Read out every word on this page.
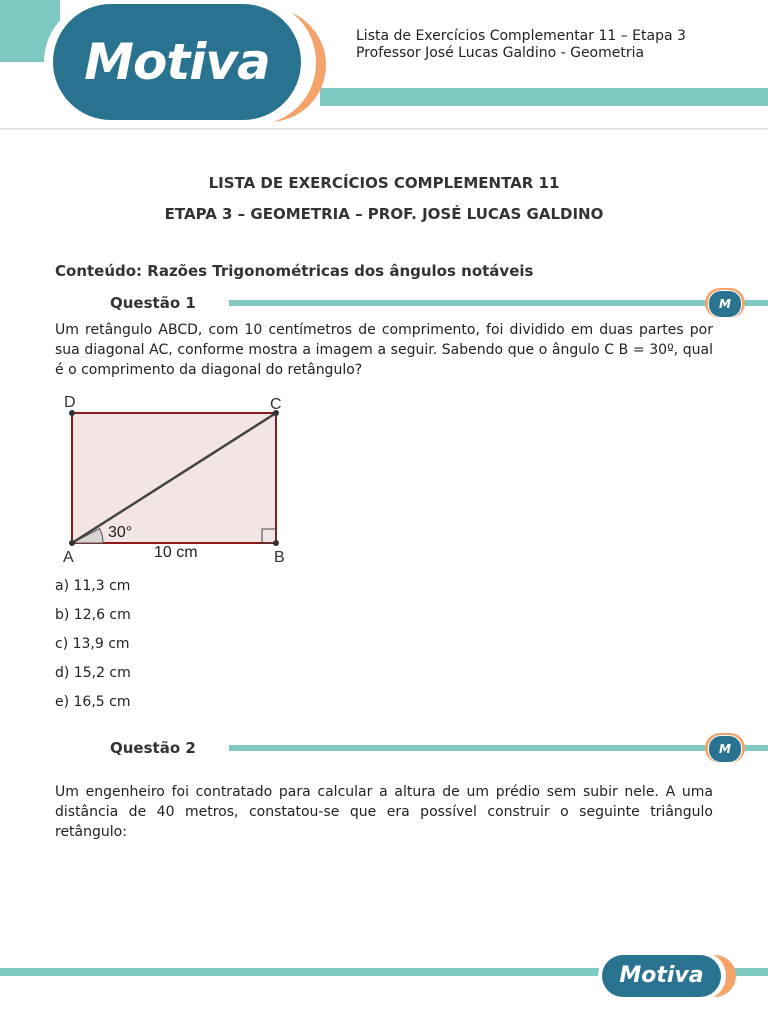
Motiva	Lista de Exercícios Complementar 11 – Etapa 3
Professor José Lucas Galdino - Geometria
LISTA DE EXERCÍCIOS COMPLEMENTAR 11
ETAPA 3 – GEOMETRIA – PROF. JOSÉ LUCAS GALDINO
Conteúdo: Razões Trigonométricas dos ângulos notáveis
Questão 1	M
Um retângulo ABCD, com 10 centímetros de comprimento, foi dividido em duas partes por sua diagonal AC, conforme mostra a imagem a seguir. Sabendo que o ângulo C B = 30º, qual é o comprimento da diagonal do retângulo?
D	C
A	B
30°
10 cm
a) 11,3 cm
b) 12,6 cm
c) 13,9 cm
d) 15,2 cm
e) 16,5 cm
Questão 2	M
Um engenheiro foi contratado para calcular a altura de um prédio sem subir nele. A uma distância de 40 metros, constatou-se que era possível construir o seguinte triângulo retângulo:
Motiva
